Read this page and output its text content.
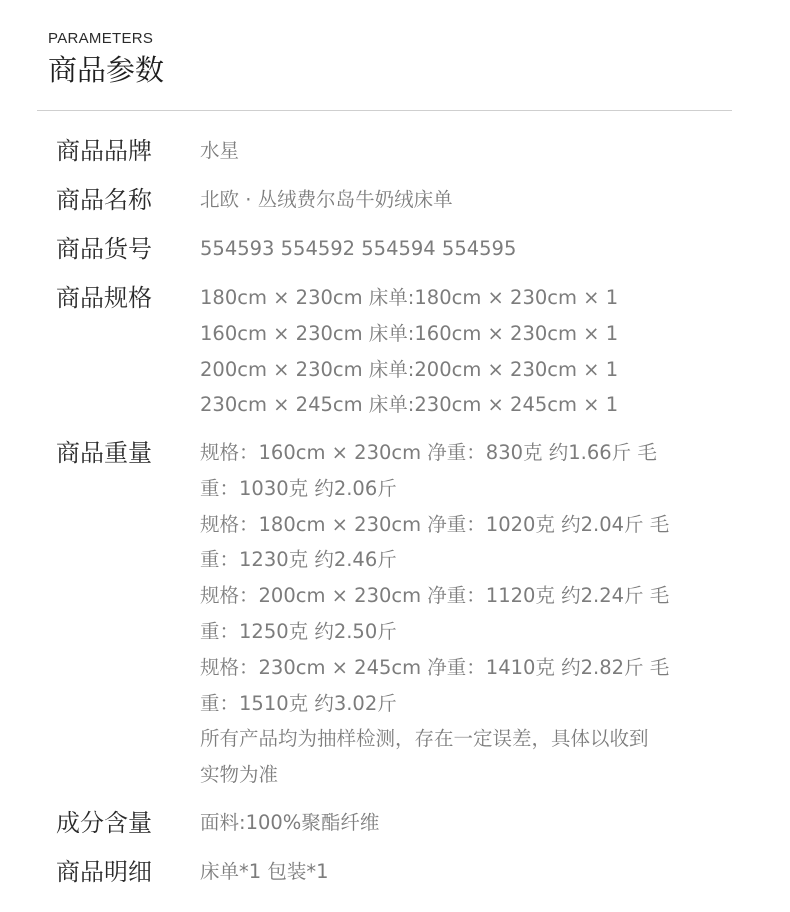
PARAMETERS
商品参数
商品品牌	水星
商品名称	北欧 · 丛绒费尔岛牛奶绒床单
商品货号	554593 554592 554594 554595
商品规格	180cm × 230cm 床单:180cm × 230cm × 1
160cm × 230cm 床单:160cm × 230cm × 1
200cm × 230cm 床单:200cm × 230cm × 1
230cm × 245cm 床单:230cm × 245cm × 1
商品重量	规格：160cm × 230cm 净重：830克 约1.66斤 毛
重：1030克 约2.06斤
规格：180cm × 230cm 净重：1020克 约2.04斤 毛
重：1230克 约2.46斤
规格：200cm × 230cm 净重：1120克 约2.24斤 毛
重：1250克 约2.50斤
规格：230cm × 245cm 净重：1410克 约2.82斤 毛
重：1510克 约3.02斤
所有产品均为抽样检测，存在一定误差，具体以收到
实物为准
成分含量	面料:100%聚酯纤维
商品明细	床单*1 包装*1
